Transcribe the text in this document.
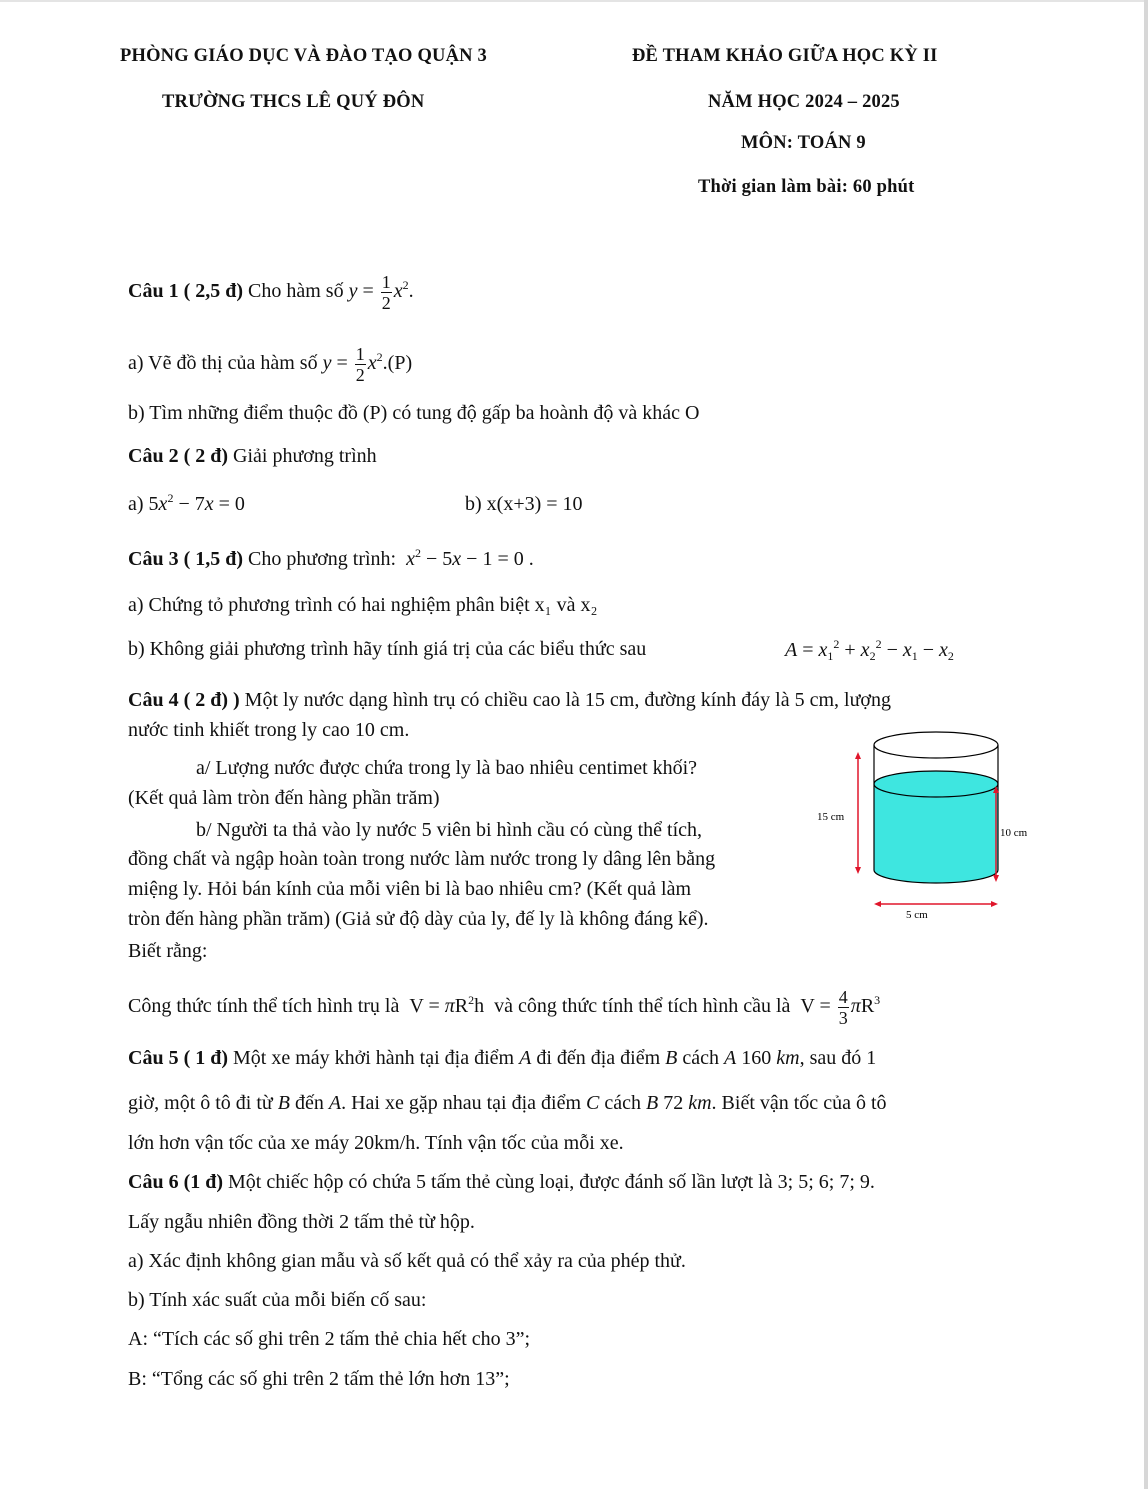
PHÒNG GIÁO DỤC VÀ ĐÀO TẠO QUẬN 3
TRƯỜNG THCS LÊ QUÝ ĐÔN
ĐỀ THAM KHẢO GIỮA HỌC KỲ II
NĂM HỌC 2024 – 2025
MÔN: TOÁN 9
Thời gian làm bài: 60 phút
Câu 1 ( 2,5 đ) Cho hàm số $y = \frac{1}{2} x^2$.
a) Vẽ đồ thị của hàm số $y = \frac{1}{2} x^2.(P)$
b) Tìm những điểm thuộc đồ (P) có tung độ gấp ba hoành độ và khác O
Câu 2 ( 2 đ) Giải phương trình
a) $5x^2 - 7x = 0$	b) x(x+3) = 10
Câu 3 ( 1,5 đ) Cho phương trình: $x^2 - 5x - 1 = 0$ .
a) Chứng tỏ phương trình có hai nghiệm phân biệt x₁ và x₂
b) Không giải phương trình hãy tính giá trị của các biểu thức sau	$A = x_1^2 + x_2^2 - x_1 - x_2$
Câu 4 ( 2 đ) ) Một ly nước dạng hình trụ có chiều cao là 15 cm, đường kính đáy là 5 cm, lượng
nước tinh khiết trong ly cao 10 cm.
a/ Lượng nước được chứa trong ly là bao nhiêu centimet khối?
(Kết quả làm tròn đến hàng phần trăm)
b/ Người ta thả vào ly nước 5 viên bi hình cầu có cùng thể tích,
đồng chất và ngập hoàn toàn trong nước làm nước trong ly dâng lên bằng
miệng ly. Hỏi bán kính của mỗi viên bi là bao nhiêu cm? (Kết quả làm
tròn đến hàng phần trăm) (Giả sử độ dày của ly, đế ly là không đáng kể).
Biết rằng:
Công thức tính thể tích hình trụ là  $V = \pi R^2h$  và công thức tính thể tích hình cầu là  $V = \frac{4}{3} \pi R^3$
15 cm
10 cm
5 cm
Câu 5 ( 1 đ) Một xe máy khởi hành tại địa điểm A đi đến địa điểm B cách A 160 km, sau đó 1
giờ, một ô tô đi từ B đến A. Hai xe gặp nhau tại địa điểm C cách B 72 km. Biết vận tốc của ô tô
lớn hơn vận tốc của xe máy 20km/h. Tính vận tốc của mỗi xe.
Câu 6 (1 đ) Một chiếc hộp có chứa 5 tấm thẻ cùng loại, được đánh số lần lượt là 3; 5; 6; 7; 9.
Lấy ngẫu nhiên đồng thời 2 tấm thẻ từ hộp.
a) Xác định không gian mẫu và số kết quả có thể xảy ra của phép thử.
b) Tính xác suất của mỗi biến cố sau:
A: “Tích các số ghi trên 2 tấm thẻ chia hết cho 3”;
B: “Tổng các số ghi trên 2 tấm thẻ lớn hơn 13”;
